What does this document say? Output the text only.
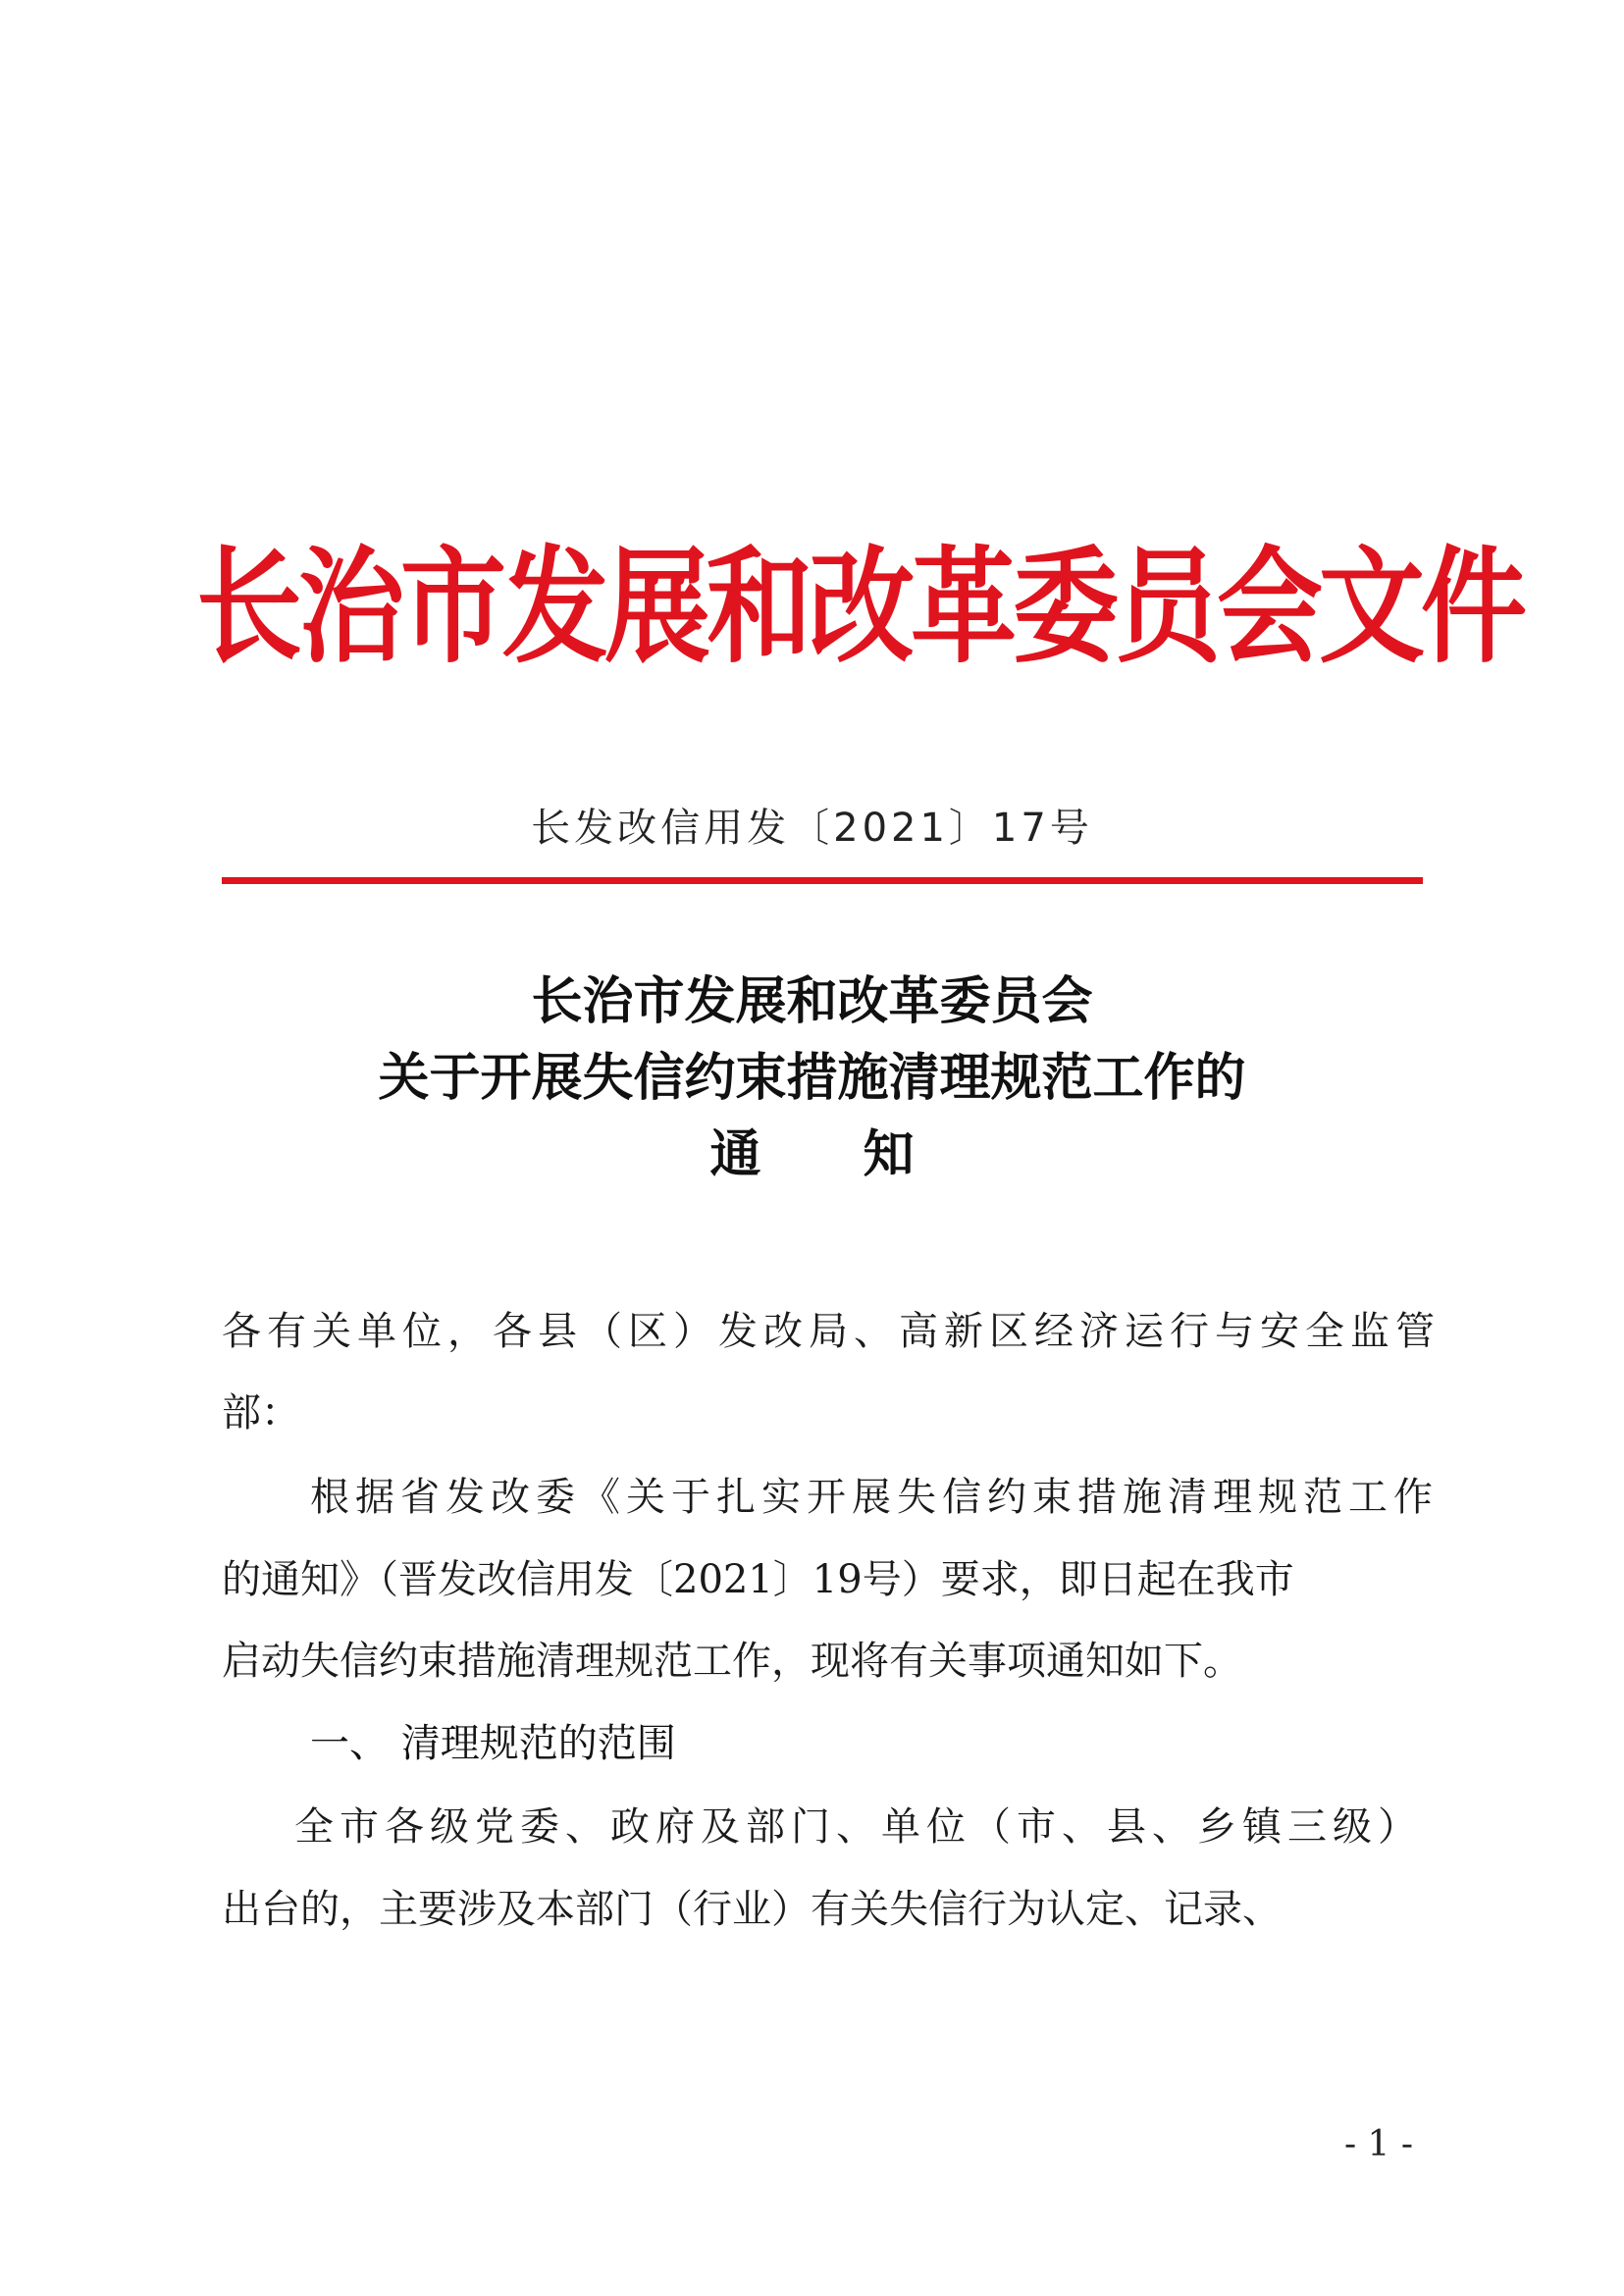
长治市发展和改革委员会文件
长发改信用发〔2021〕17号
长治市发展和改革委员会
关于开展失信约束措施清理规范工作的
通　　知
各有关单位，各县（区）发改局、高新区经济运行与安全监管
部：
根据省发改委《关于扎实开展失信约束措施清理规范工作
的通知》（晋发改信用发〔2021〕19号）要求，即日起在我市
启动失信约束措施清理规范工作，现将有关事项通知如下。
一、 清理规范的范围
全市各级党委、政府及部门、单位（市、县、乡镇三级）
出台的，主要涉及本部门（行业）有关失信行为认定、记录、
- 1 -
